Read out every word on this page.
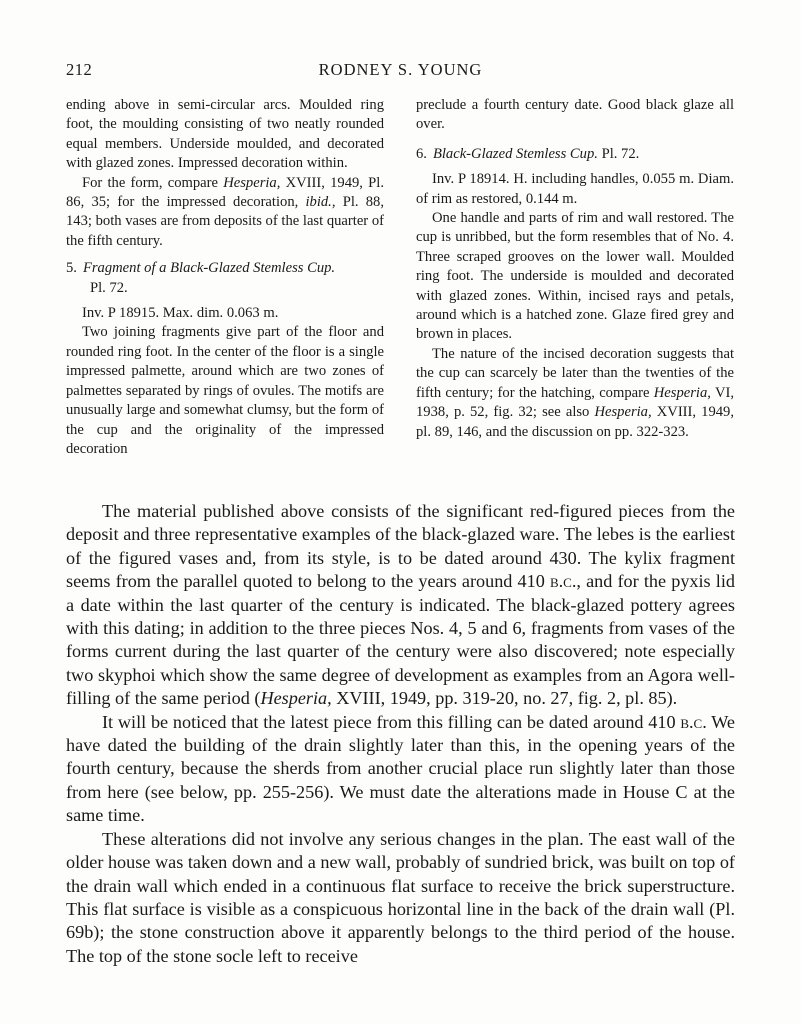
212	RODNEY S. YOUNG

ending above in semi-circular arcs. Moulded ring foot, the moulding consisting of two neatly rounded equal members. Underside moulded, and decorated with glazed zones. Impressed decoration within.

For the form, compare Hesperia, XVIII, 1949, Pl. 86, 35; for the impressed decoration, ibid., Pl. 88, 143; both vases are from deposits of the last quarter of the fifth century.

5. Fragment of a Black-Glazed Stemless Cup.
Pl. 72.

Inv. P 18915. Max. dim. 0.063 m.

Two joining fragments give part of the floor and rounded ring foot. In the center of the floor is a single impressed palmette, around which are two zones of palmettes separated by rings of ovules. The motifs are unusually large and somewhat clumsy, but the form of the cup and the originality of the impressed decoration

preclude a fourth century date. Good black glaze all over.

6. Black-Glazed Stemless Cup. Pl. 72.

Inv. P 18914. H. including handles, 0.055 m. Diam. of rim as restored, 0.144 m.

One handle and parts of rim and wall restored. The cup is unribbed, but the form resembles that of No. 4. Three scraped grooves on the lower wall. Moulded ring foot. The underside is moulded and decorated with glazed zones. Within, incised rays and petals, around which is a hatched zone. Glaze fired grey and brown in places.

The nature of the incised decoration suggests that the cup can scarcely be later than the twenties of the fifth century; for the hatching, compare Hesperia, VI, 1938, p. 52, fig. 32; see also Hesperia, XVIII, 1949, pl. 89, 146, and the discussion on pp. 322-323.

The material published above consists of the significant red-figured pieces from the deposit and three representative examples of the black-glazed ware. The lebes is the earliest of the figured vases and, from its style, is to be dated around 430. The kylix fragment seems from the parallel quoted to belong to the years around 410 b.c., and for the pyxis lid a date within the last quarter of the century is indicated. The black-glazed pottery agrees with this dating; in addition to the three pieces Nos. 4, 5 and 6, fragments from vases of the forms current during the last quarter of the century were also discovered; note especially two skyphoi which show the same degree of development as examples from an Agora well-filling of the same period (Hesperia, XVIII, 1949, pp. 319-20, no. 27, fig. 2, pl. 85).

It will be noticed that the latest piece from this filling can be dated around 410 b.c. We have dated the building of the drain slightly later than this, in the opening years of the fourth century, because the sherds from another crucial place run slightly later than those from here (see below, pp. 255-256). We must date the alterations made in House C at the same time.

These alterations did not involve any serious changes in the plan. The east wall of the older house was taken down and a new wall, probably of sundried brick, was built on top of the drain wall which ended in a continuous flat surface to receive the brick superstructure. This flat surface is visible as a conspicuous horizontal line in the back of the drain wall (Pl. 69b); the stone construction above it apparently belongs to the third period of the house. The top of the stone socle left to receive
